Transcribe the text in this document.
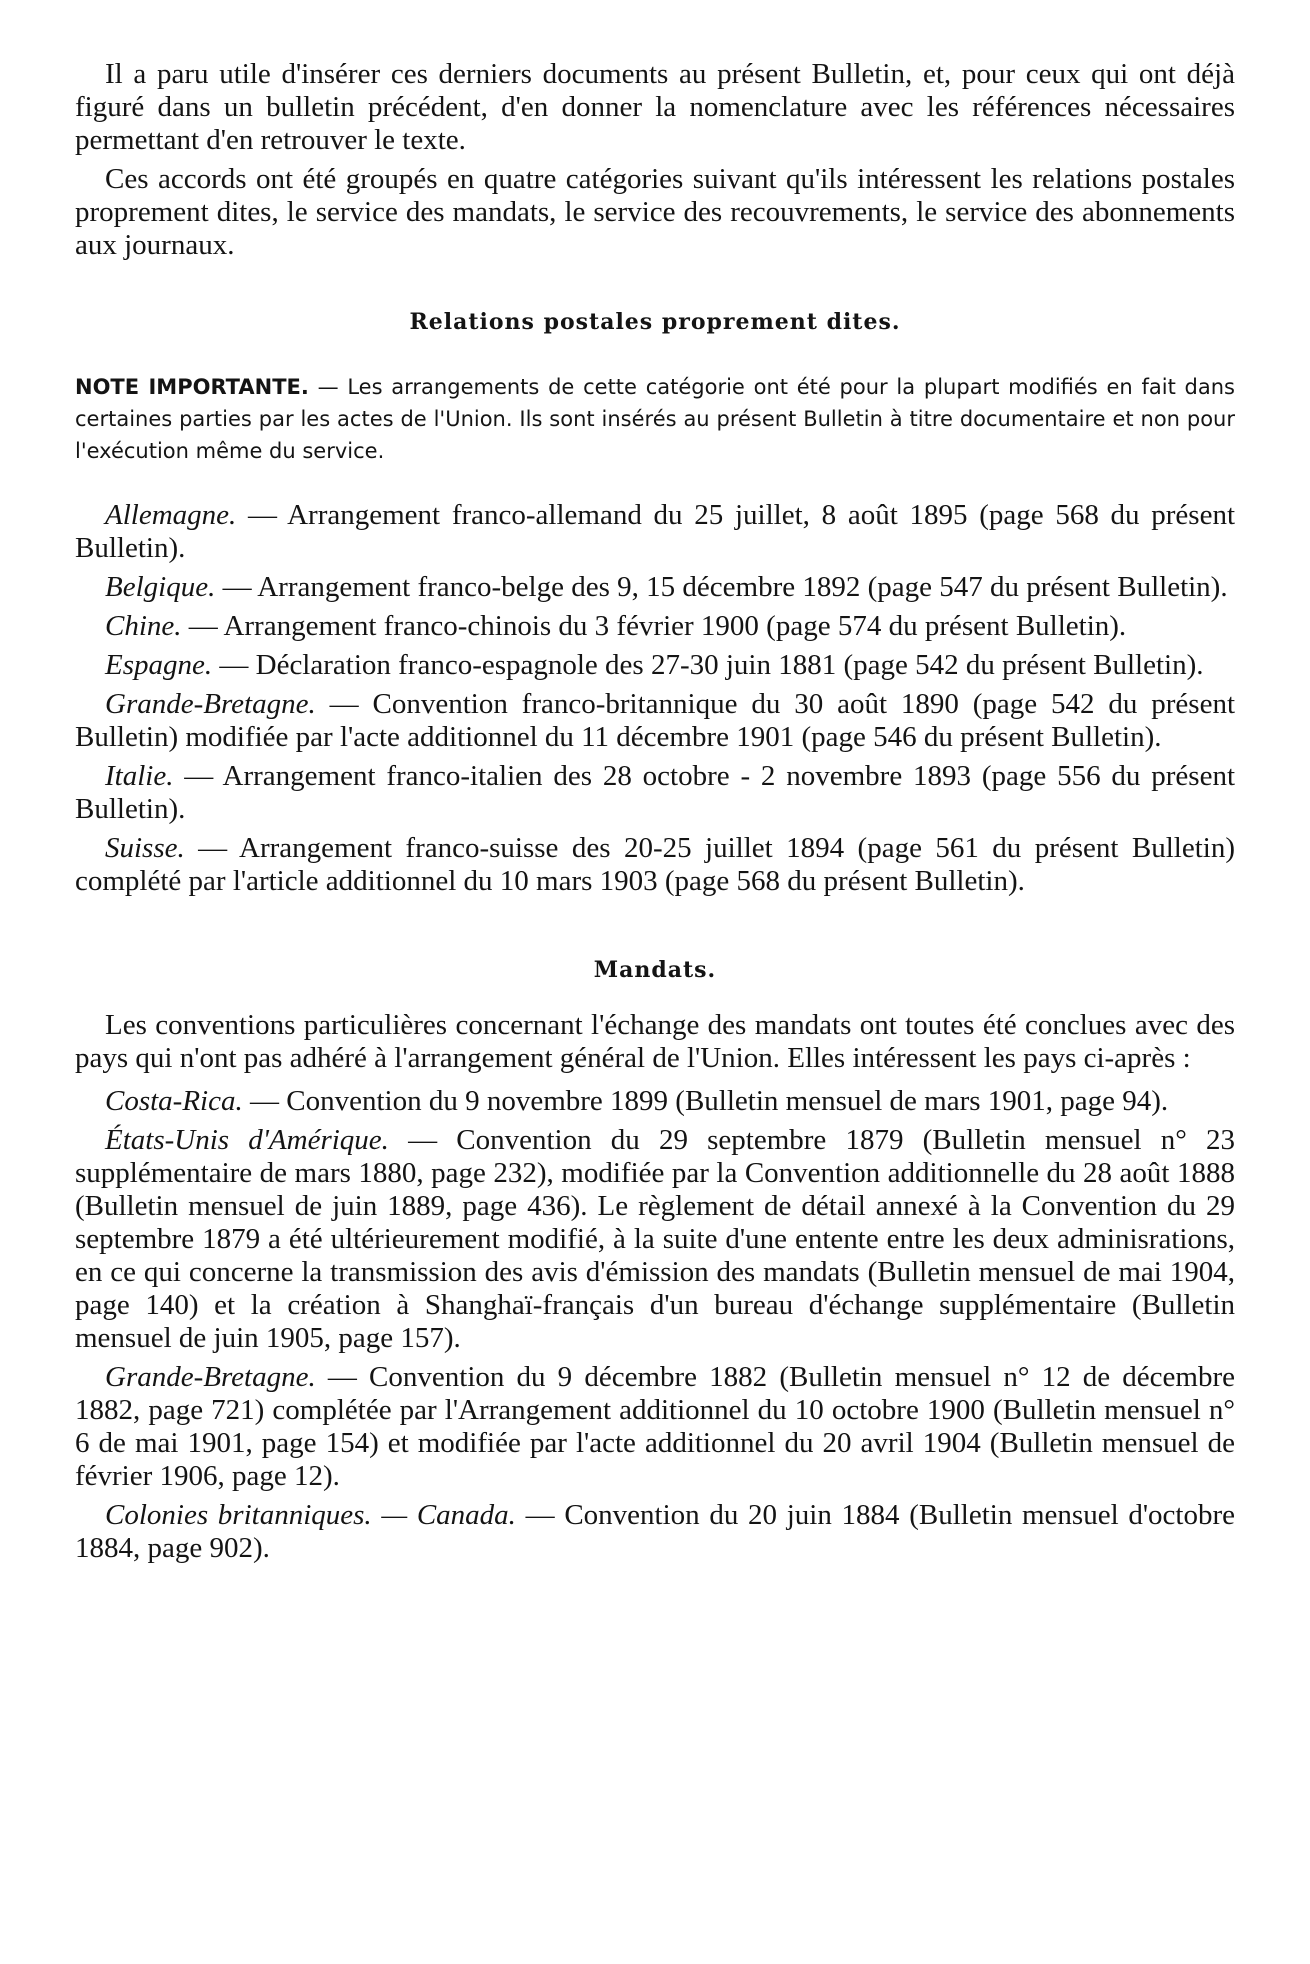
Il a paru utile d'insérer ces derniers documents au présent Bulletin, et, pour ceux qui ont déjà figuré dans un bulletin précédent, d'en donner la nomenclature avec les références nécessaires permettant d'en retrouver le texte.

Ces accords ont été groupés en quatre catégories suivant qu'ils intéressent les relations postales proprement dites, le service des mandats, le service des recouvrements, le service des abonnements aux journaux.

Relations postales proprement dites.

NOTE IMPORTANTE. — Les arrangements de cette catégorie ont été pour la plupart modifiés en fait dans certaines parties par les actes de l'Union. Ils sont insérés au présent Bulletin à titre documentaire et non pour l'exécution même du service.

Allemagne. — Arrangement franco-allemand du 25 juillet, 8 août 1895 (page 568 du présent Bulletin).

Belgique. — Arrangement franco-belge des 9, 15 décembre 1892 (page 547 du présent Bulletin).

Chine. — Arrangement franco-chinois du 3 février 1900 (page 574 du présent Bulletin).

Espagne. — Déclaration franco-espagnole des 27-30 juin 1881 (page 542 du présent Bulletin).

Grande-Bretagne. — Convention franco-britannique du 30 août 1890 (page 542 du présent Bulletin) modifiée par l'acte additionnel du 11 décembre 1901 (page 546 du présent Bulletin).

Italie. — Arrangement franco-italien des 28 octobre - 2 novembre 1893 (page 556 du présent Bulletin).

Suisse. — Arrangement franco-suisse des 20-25 juillet 1894 (page 561 du présent Bulletin) complété par l'article additionnel du 10 mars 1903 (page 568 du présent Bulletin).

Mandats.

Les conventions particulières concernant l'échange des mandats ont toutes été conclues avec des pays qui n'ont pas adhéré à l'arrangement général de l'Union. Elles intéressent les pays ci-après :

Costa-Rica. — Convention du 9 novembre 1899 (Bulletin mensuel de mars 1901, page 94).

États-Unis d'Amérique. — Convention du 29 septembre 1879 (Bulletin mensuel n° 23 supplémentaire de mars 1880, page 232), modifiée par la Convention additionnelle du 28 août 1888 (Bulletin mensuel de juin 1889, page 436). Le règlement de détail annexé à la Convention du 29 septembre 1879 a été ultérieurement modifié, à la suite d'une entente entre les deux adminisrations, en ce qui concerne la transmission des avis d'émission des mandats (Bulletin mensuel de mai 1904, page 140) et la création à Shanghaï-français d'un bureau d'échange supplémentaire (Bulletin mensuel de juin 1905, page 157).

Grande-Bretagne. — Convention du 9 décembre 1882 (Bulletin mensuel n° 12 de décembre 1882, page 721) complétée par l'Arrangement additionnel du 10 octobre 1900 (Bulletin mensuel n° 6 de mai 1901, page 154) et modifiée par l'acte additionnel du 20 avril 1904 (Bulletin mensuel de février 1906, page 12).

Colonies britanniques. — Canada. — Convention du 20 juin 1884 (Bulletin mensuel d'octobre 1884, page 902).
